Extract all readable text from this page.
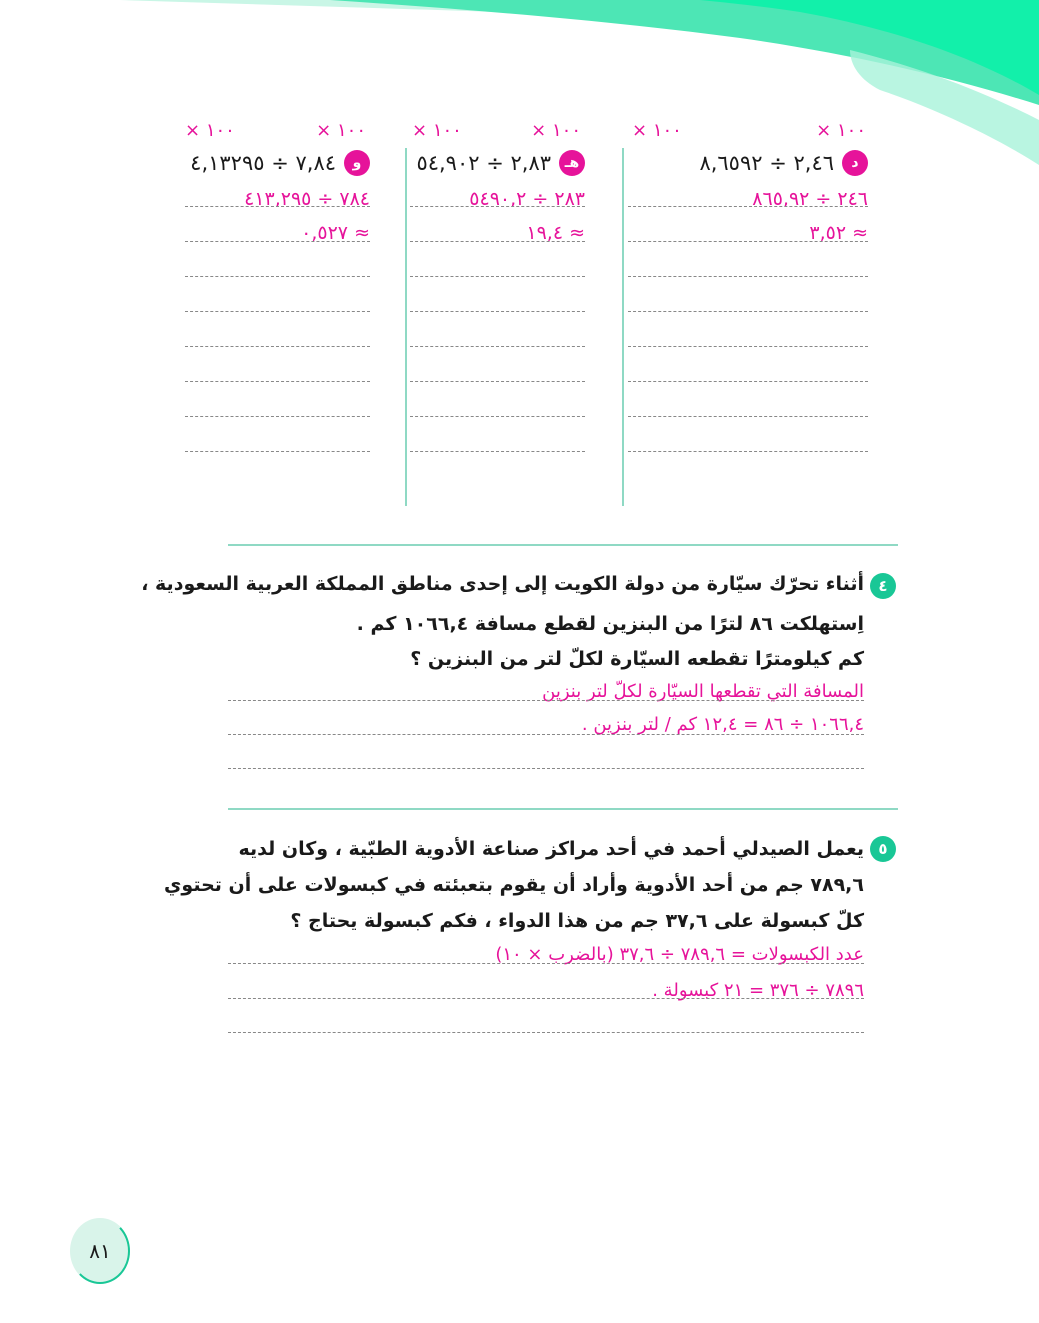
١٠٠ ×	١٠٠ ×
د
٢,٤٦ ÷ ٨,٦٥٩٢
٢٤٦ ÷ ٨٦٥,٩٢
≈ ٣,٥٢
١٠٠ ×	١٠٠ ×
هـ
٢,٨٣ ÷ ٥٤,٩٠٢
٢٨٣ ÷ ٥٤٩٠,٢
≈ ١٩,٤
١٠٠ ×	١٠٠ ×
و
٧,٨٤ ÷ ٤,١٣٢٩٥
٧٨٤ ÷ ٤١٣,٢٩٥
≈ ٠,٥٢٧
٤
أثناء تحرّك سيّارة من دولة الكويت إلى إحدى مناطق المملكة العربية السعودية ،
اِستهلكت ٨٦ لترًا من البنزين لقطع مسافة ١٠٦٦,٤ كم .
كم كيلومترًا تقطعه السيّارة لكلّ لتر من البنزين ؟
المسافة التي تقطعها السيّارة لكلّ لتر بنزين
١٠٦٦,٤ ÷ ٨٦ = ١٢,٤ كم / لتر بنزين .
٥
يعمل الصيدلي أحمد في أحد مراكز صناعة الأدوية الطبّية ، وكان لديه
٧٨٩,٦ جم من أحد الأدوية وأراد أن يقوم بتعبئته في كبسولات على أن تحتوي
كلّ كبسولة على ٣٧,٦ جم من هذا الدواء ، فكم كبسولة يحتاج ؟
عدد الكبسولات = ٧٨٩,٦ ÷ ٣٧,٦ (بالضرب × ١٠)
٧٨٩٦ ÷ ٣٧٦ = ٢١ كبسولة .
٨١
